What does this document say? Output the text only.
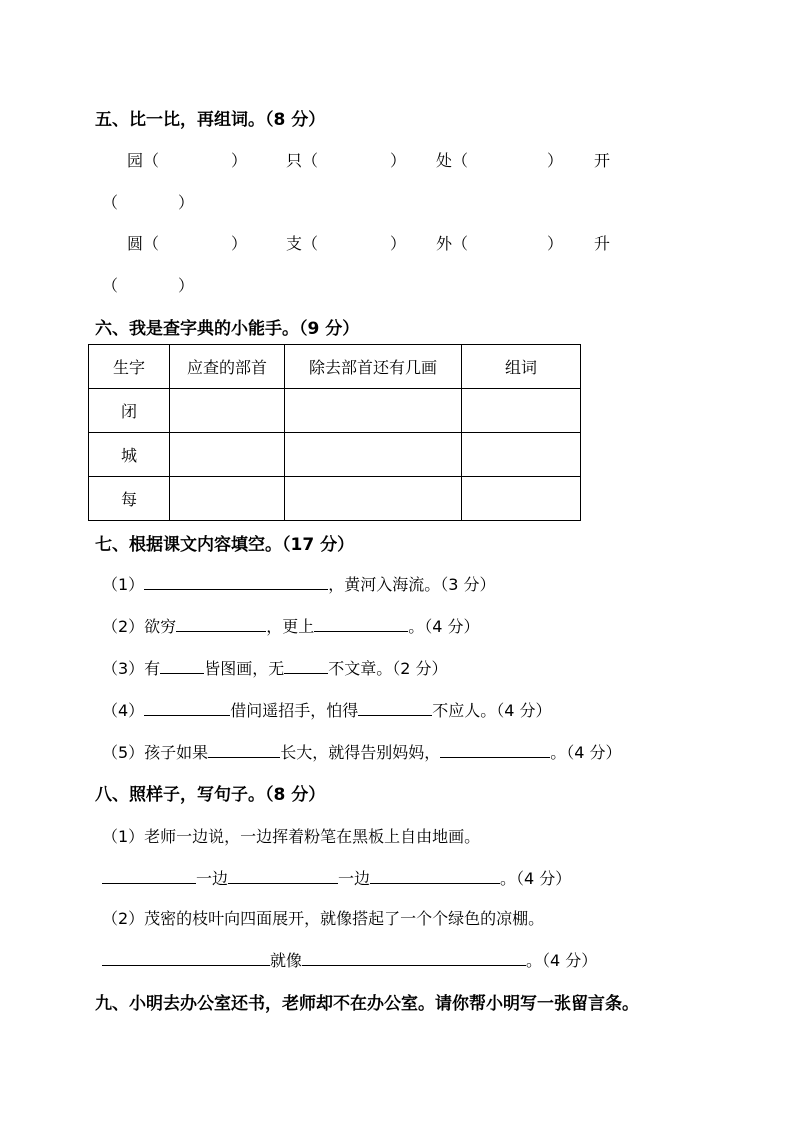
五、比一比，再组词。（8 分）
园（	） 只（	） 处（	） 开
（	）
圆（	） 支（	） 外（	） 升
（	）
六、我是查字典的小能手。（9 分）
生字	应查的部首	除去部首还有几画	组词
闭			
城			
每			
七、根据课文内容填空。（17 分）
（1）	，黄河入海流。（3 分）
（2）欲穷	，更上	。（4 分）
（3）有	皆图画，无	不文章。（2 分）
（4）	借问遥招手，怕得	不应人。（4 分）
（5）孩子如果	长大，就得告别妈妈，	。（4 分）
八、照样子，写句子。（8 分）
（1）老师一边说，一边挥着粉笔在黑板上自由地画。
一边	一边	。（4 分）
（2）茂密的枝叶向四面展开，就像搭起了一个个绿色的凉棚。
就像	。（4 分）
九、小明去办公室还书，老师却不在办公室。请你帮小明写一张留言条。
